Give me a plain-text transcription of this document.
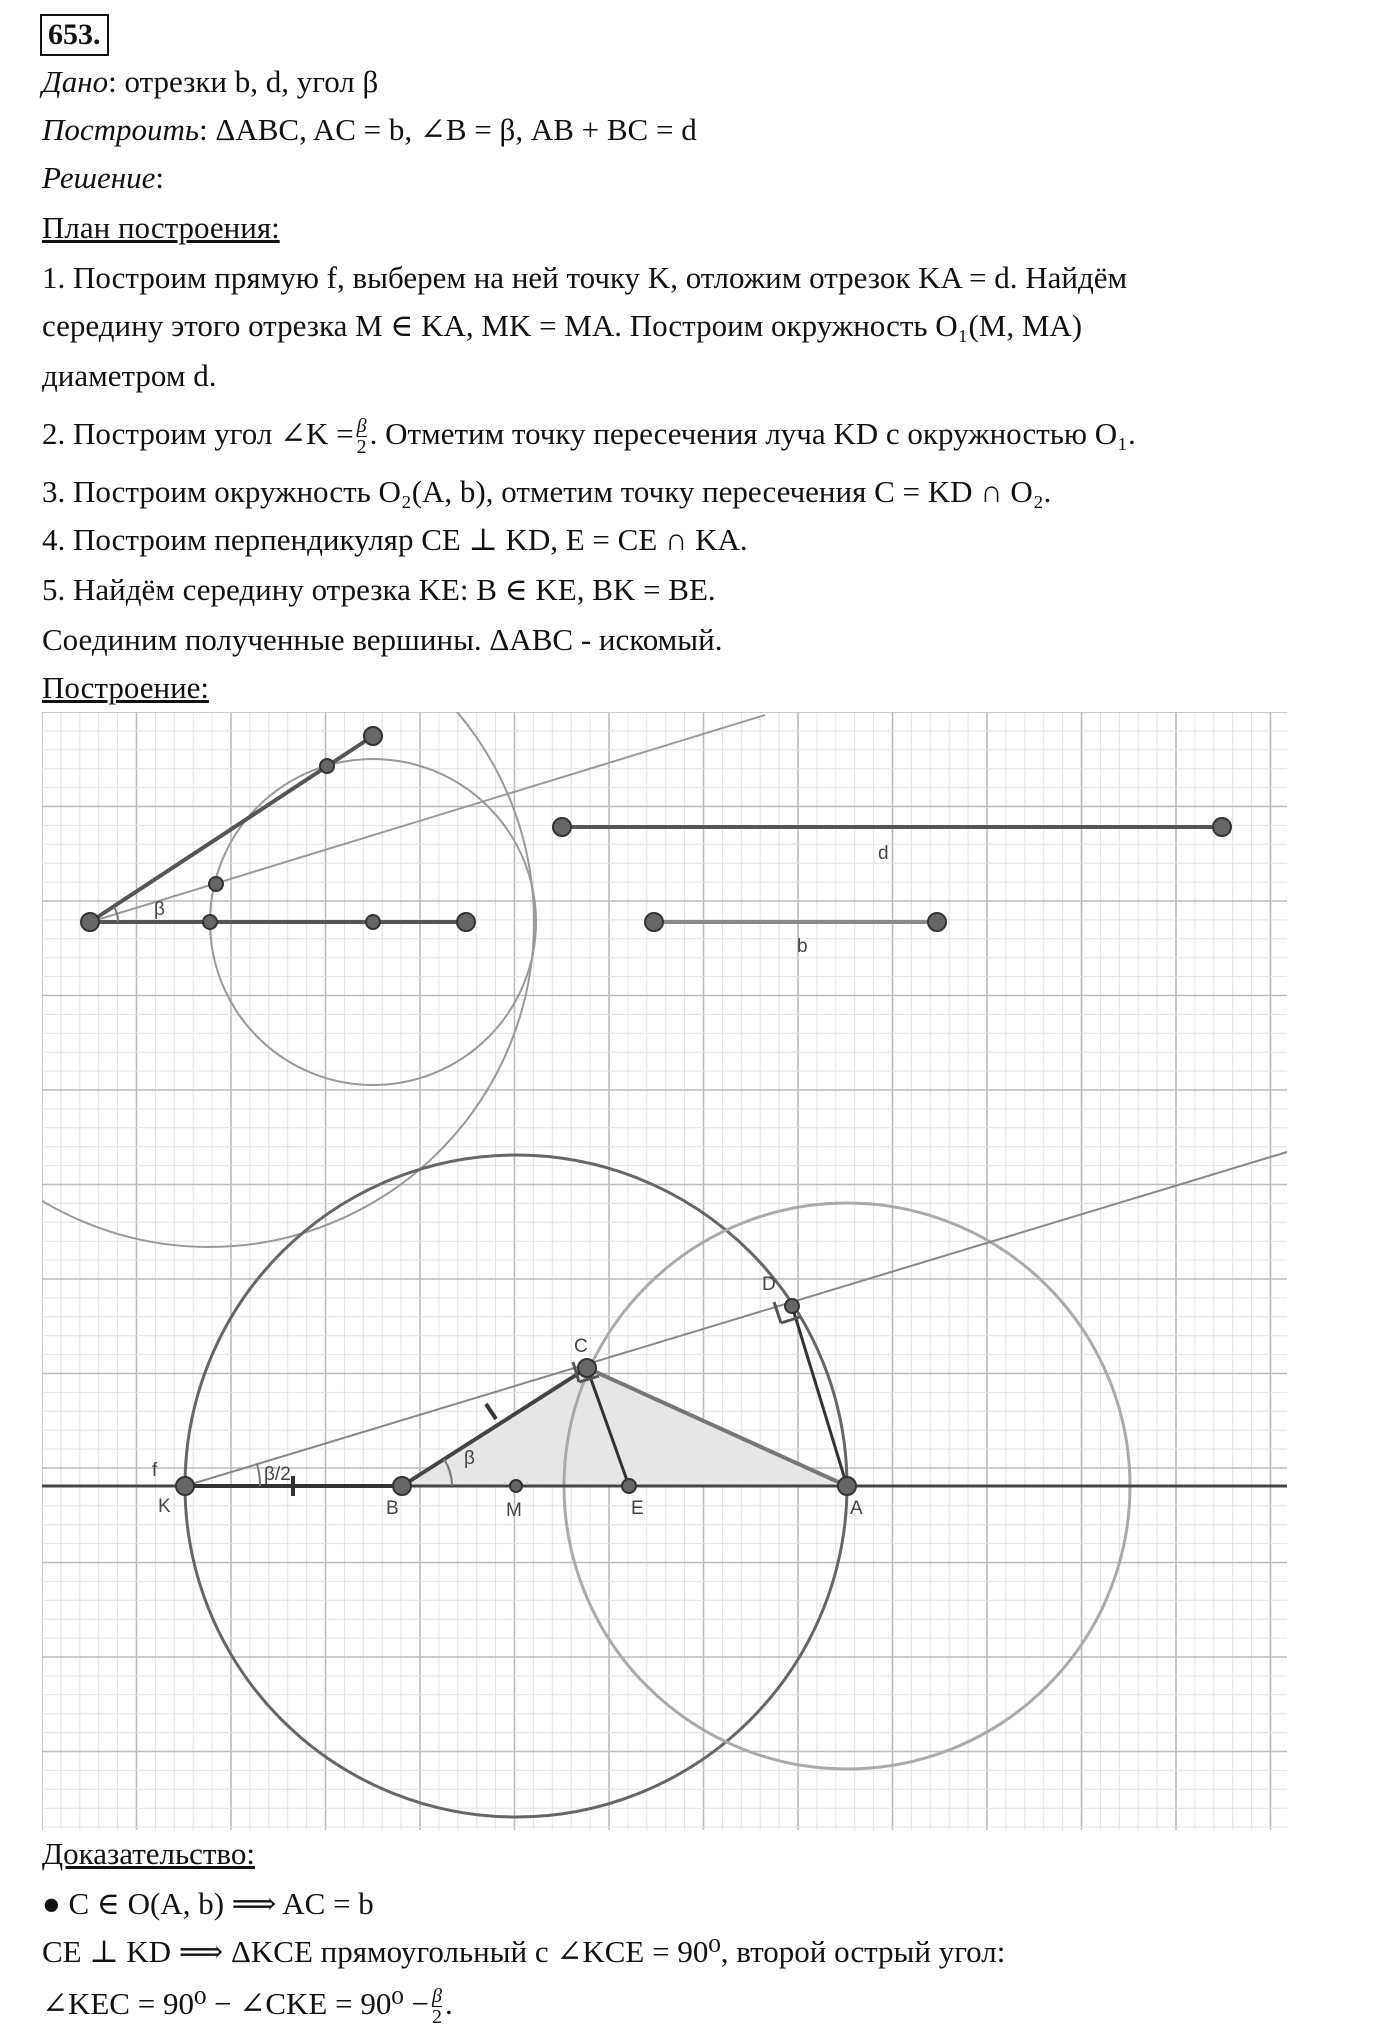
653.
Дано: отрезки b, d, угол β
Построить: ΔABC, AC = b, ∠B = β, AB + BC = d
Решение:
План построения:
1. Построим прямую f, выберем на ней точку K, отложим отрезок KA = d. Найдём
середину этого отрезка M ∈ KA, MK = MA. Построим окружность O₁(M, MA)
диаметром d.
2. Построим угол ∠K = $\frac{\beta}{2}$ . Отметим точку пересечения луча KD с окружностью O₁.
3. Построим окружность O₂(A, b), отметим точку пересечения C = KD ∩ O₂.
4. Построим перпендикуляр CE ⊥ KD, E = CE ∩ KA.
5. Найдём середину отрезка KE: B ∈ KE, BK = BE.
Соединим полученные вершины. ΔABC - искомый.
Построение:
β
d
b
f
K	B	M	E	A
C
D
β/2
β
Доказательство:
● C ∈ O(A, b) ⟹ AC = b
CE ⊥ KD ⟹ ΔKCE прямоугольный с ∠KCE = 90⁰, второй острый угол:
∠KEC = 90⁰ − ∠CKE = $90^0 - \frac{\beta}{2}$ .
